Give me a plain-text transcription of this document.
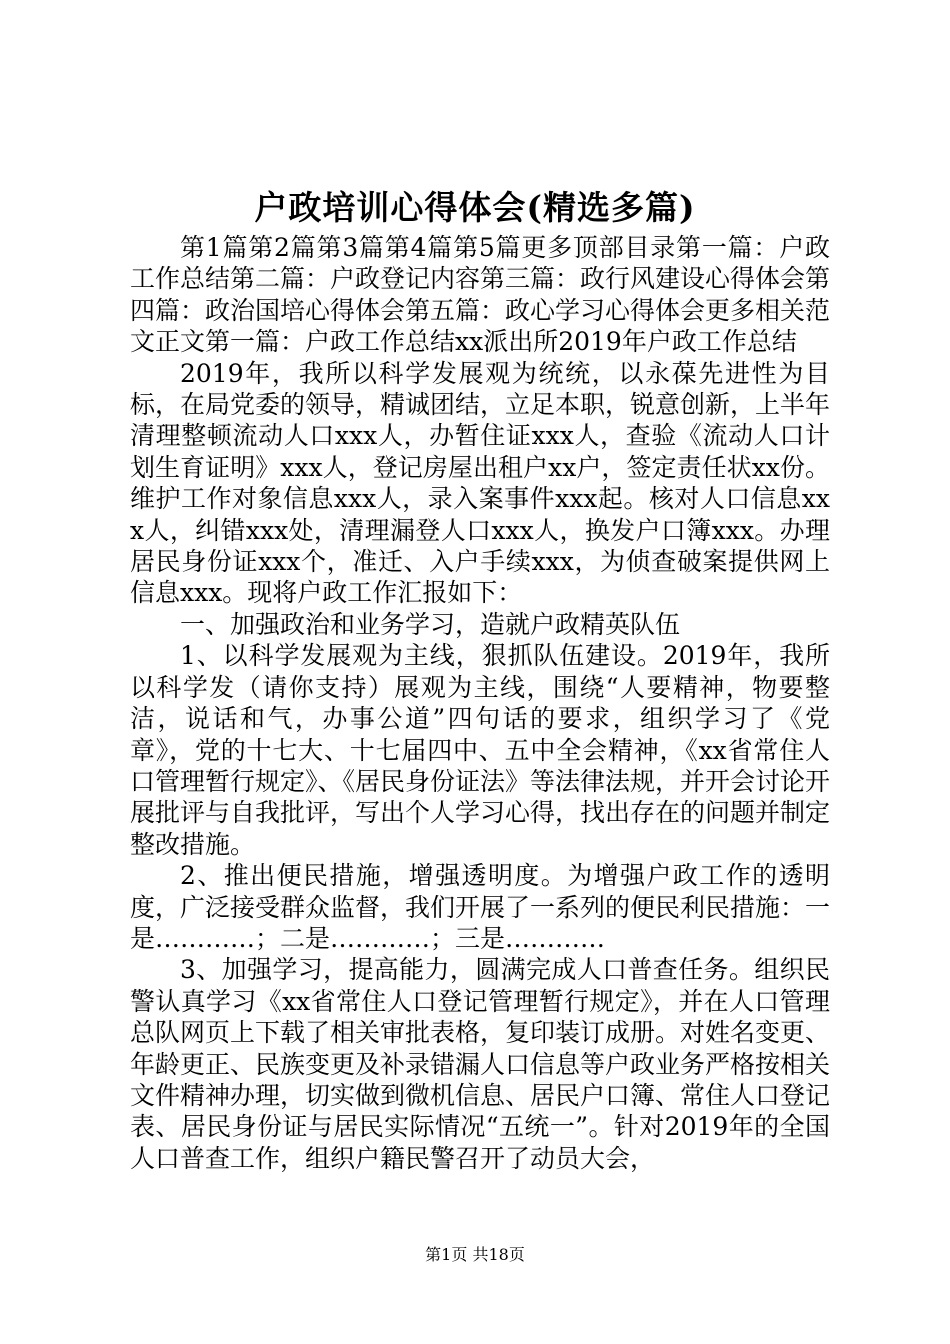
户政培训心得体会(精选多篇)

第1篇第2篇第3篇第4篇第5篇更多顶部目录第一篇：户政工作总结第二篇：户政登记内容第三篇：政行风建设心得体会第四篇：政治国培心得体会第五篇：政心学习心得体会更多相关范文正文第一篇：户政工作总结xx派出所2019年户政工作总结

2019年，我所以科学发展观为统统，以永葆先进性为目标，在局党委的领导，精诚团结，立足本职，锐意创新，上半年清理整顿流动人口xxx人，办暂住证xxx人，查验《流动人口计划生育证明》xxx人，登记房屋出租户xx户，签定责任状xx份。维护工作对象信息xxx人，录入案事件xxx起。核对人口信息xxx人，纠错xxx处，清理漏登人口xxx人，换发户口簿xxx。办理居民身份证xxx个，准迁、入户手续xxx，为侦查破案提供网上信息xxx。现将户政工作汇报如下：

一、加强政治和业务学习，造就户政精英队伍

1、以科学发展观为主线，狠抓队伍建设。2019年，我所以科学发（请你支持）展观为主线，围绕“人要精神，物要整洁，说话和气，办事公道”四句话的要求，组织学习了《党章》，党的十七大、十七届四中、五中全会精神，《xx省常住人口管理暂行规定》、《居民身份证法》等法律法规，并开会讨论开展批评与自我批评，写出个人学习心得，找出存在的问题并制定整改措施。

2、推出便民措施，增强透明度。为增强户政工作的透明度，广泛接受群众监督，我们开展了一系列的便民利民措施：一是…………；二是…………；三是…………

3、加强学习，提高能力，圆满完成人口普查任务。组织民警认真学习《xx省常住人口登记管理暂行规定》，并在人口管理总队网页上下载了相关审批表格，复印装订成册。对姓名变更、年龄更正、民族变更及补录错漏人口信息等户政业务严格按相关文件精神办理，切实做到微机信息、居民户口簿、常住人口登记表、居民身份证与居民实际情况“五统一”。针对2019年的全国人口普查工作，组织户籍民警召开了动员大会，

第1页 共18页
